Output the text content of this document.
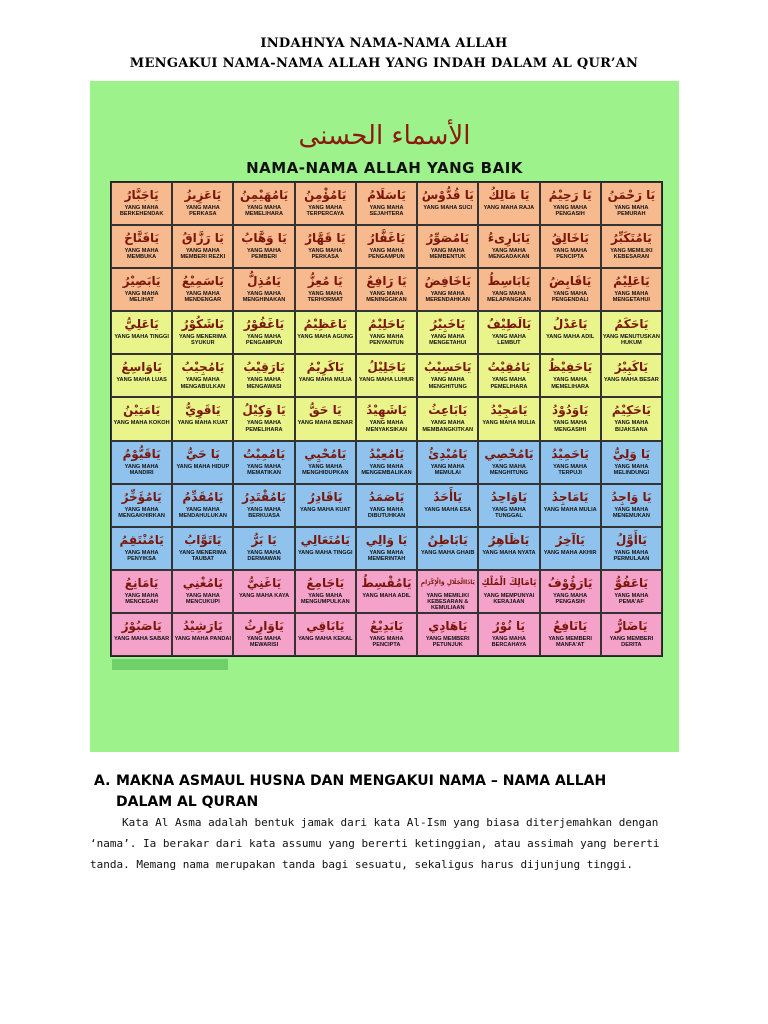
INDAHNYA NAMA-NAMA ALLAH
MENGAKUI NAMA-NAMA ALLAH YANG INDAH DALAM AL QUR’AN
الأسماء الحسنى
NAMA-NAMA ALLAH YANG BAIK
يَاجَبَّارُ
YANG MAHA BERKEHENDAK
يَاعَزِيزُ
YANG MAHA PERKASA
يَامُهَيْمِنُ
YANG MAHA MEMELIHARA
يَامُؤْمِنُ
YANG MAHA TERPERCAYA
يَاسَلَامُ
YANG MAHA SEJAHTERA
يَا قُدُّوْسُ
YANG MAHA SUCI
يَا مَالِكُ
YANG MAHA RAJA
يَا رَحِيْمُ
YANG MAHA PENGASIH
يَا رَحْمَنُ
YANG MAHA PEMURAH
يَافَتَّاحُ
YANG MAHA MEMBUKA
يَا رَزَّاقُ
YANG MAHA MEMBERI REZKI
يَا وَهَّابُ
YANG MAHA PEMBERI
يَا قَهَّارُ
YANG MAHA PERKASA
يَاغَفَّارُ
YANG MAHA PENGAMPUN
يَامُصَوِّرُ
YANG MAHA MEMBENTUK
يَابَارِىءُ
YANG MAHA MENGADAKAN
يَاخَالِقُ
YANG MAHA PENCIPTA
يَامُتَكَبِّرُ
YANG MEMILIKI KEBESARAN
يَابَصِيْرُ
YANG MAHA MELIHAT
يَاسَمِيْعُ
YANG MAHA MENDENGAR
يَامُذِلُّ
YANG MAHA MENGHINAKAN
يَا مُعِزُّ
YANG MAHA TERHORMAT
يَا رَافِعُ
YANG MAHA MENINGGIKAN
يَاخَافِضُ
YANG MAHA MERENDAHKAN
يَابَاسِطُ
YANG MAHA MELAPANGKAN
يَاقَابِضُ
YANG MAHA PENGENDALI
يَاعَلِيْمُ
YANG MAHA MENGETAHUI
يَاعَلِيُّ
YANG MAHA TINGGI
يَاشَكُوْرُ
YANG MENERIMA SYUKUR
يَاغَفُوْرُ
YANG MAHA PENGAMPUN
يَاعَظِيْمُ
YANG MAHA AGUNG
يَاحَلِيْمُ
YANG MAHA PENYANTUN
يَاخَبِيْرُ
YANG MAHA MENGETAHUI
يَالَطِيْفُ
YANG MAHA LEMBUT
يَاعَدْلُ
YANG MAHA ADIL
يَاحَكَمُ
YANG MENUTUSKAN HUKUM
يَاوَاسِعُ
YANG MAHA LUAS
يَامُجِيْبُ
YANG MAHA MENGABULKAN
يَارَقِيْبُ
YANG MAHA MENGAWASI
يَاكَرِيْمُ
YANG MAHA MULIA
يَاجَلِيْلُ
YANG MAHA LUHUR
يَاحَسِيْبُ
YANG MAHA MENGHITUNG
يَامُقِيْتُ
YANG MAHA PEMELIHARA
يَاحَفِيْظُ
YANG MAHA MEMELIHARA
يَاكَبِيْرُ
YANG MAHA BESAR
يَامَتِيْنُ
YANG MAHA KOKOH
يَاقَوِيُّ
YANG MAHA KUAT
يَا وَكِيْلُ
YANG MAHA PEMELIHARA
يَا حَقُّ
YANG MAHA BENAR
يَاشَهِيْدُ
YANG MAHA MENYAKSIKAN
يَابَاعِثُ
YANG MAHA MEMBANGKITKAN
يَامَجِيْدُ
YANG MAHA MULIA
يَاوَدُوْدُ
YANG MAHA MENGASIHI
يَاحَكِيْمُ
YANG MAHA BIJAKSANA
يَاقَيُّوْمُ
YANG MAHA MANDIRI
يَا حَيُّ
YANG MAHA HIDUP
يَامُمِيْتُ
YANG MAHA MEMATIKAN
يَامُحْيِي
YANG MAHA MENGHIDUPKAN
يَامُعِيْدُ
YANG MAHA MENGEMBALIKAN
يَامُبْدِئُ
YANG MAHA MEMULAI
يَامُحْصِي
YANG MAHA MENGHITUNG
يَاحَمِيْدُ
YANG MAHA TERPUJI
يَا وَلِيُّ
YANG MAHA MELINDUNGI
يَامُؤَخِّرُ
YANG MAHA MENGAKHIRKAN
يَامُقَدِّمُ
YANG MAHA MENDAHULUKAN
يَامُقْتَدِرُ
YANG MAHA BERKUASA
يَاقَادِرُ
YANG MAHA KUAT
يَاصَمَدُ
YANG MAHA DIBUTUHKAN
يَاأَحَدُ
YANG MAHA ESA
يَاوَاحِدُ
YANG MAHA TUNGGAL
يَامَاجِدُ
YANG MAHA MULIA
يَا وَاجِدُ
YANG MAHA MENEMUKAN
يَامُنْتَقِمُ
YANG MAHA PENYIKSA
يَاتَوَّابُ
YANG MENERIMA TAUBAT
يَا بَرُّ
YANG MAHA DERMAWAN
يَامُتَعَالِي
YANG MAHA TINGGI
يَا وَالِي
YANG MAHA MEMERINTAH
يَابَاطِنُ
YANG MAHA GHAIB
يَاظَاهِرُ
YANG MAHA NYATA
يَاآخِرُ
YANG MAHA AKHIR
يَاأَوَّلُ
YANG MAHA PERMULAAN
يَامَانِعُ
YANG MAHA MENCEGAH
يَامُغْنِي
YANG MAHA MENCUKUPI
يَاغَنِيُّ
YANG MAHA KAYA
يَاجَامِعُ
YANG MAHA MENGUMPULKAN
يَامُقْسِطُ
YANG MAHA ADIL
يَاذَاالْجَلَالِ وَالْإِكْرَامِ
YANG MEMILIKI KEBESARAN & KEMULIAAN
يَامَالِكَ الْمُلْكِ
YANG MEMPUNYAI KERAJAAN
يَارَؤُوْفُ
YANG MAHA PENGASIH
يَاعَفُوُّ
YANG MAHA PEMA'AF
يَاصَبُوْرُ
YANG MAHA SABAR
يَارَشِيْدُ
YANG MAHA PANDAI
يَاوَارِثُ
YANG MAHA MEWARISI
يَابَاقِي
YANG MAHA KEKAL
يَابَدِيْعُ
YANG MAHA PENCIPTA
يَاهَادِي
YANG MEMBERI PETUNJUK
يَا نُوْرُ
YANG MAHA BERCAHAYA
يَانَافِعُ
YANG MEMBERI MANFA'AT
يَاضَارُّ
YANG MEMBERI DERITA
A. MAKNA ASMAUL HUSNA DAN MENGAKUI NAMA – NAMA ALLAH
DALAM AL QURAN
Kata Al Asma adalah bentuk jamak dari kata Al-Ism yang biasa diterjemahkan dengan ‘nama’. Ia berakar dari kata assumu yang bererti ketinggian, atau assimah yang bererti tanda. Memang nama merupakan tanda bagi sesuatu, sekaligus harus dijunjung tinggi.
